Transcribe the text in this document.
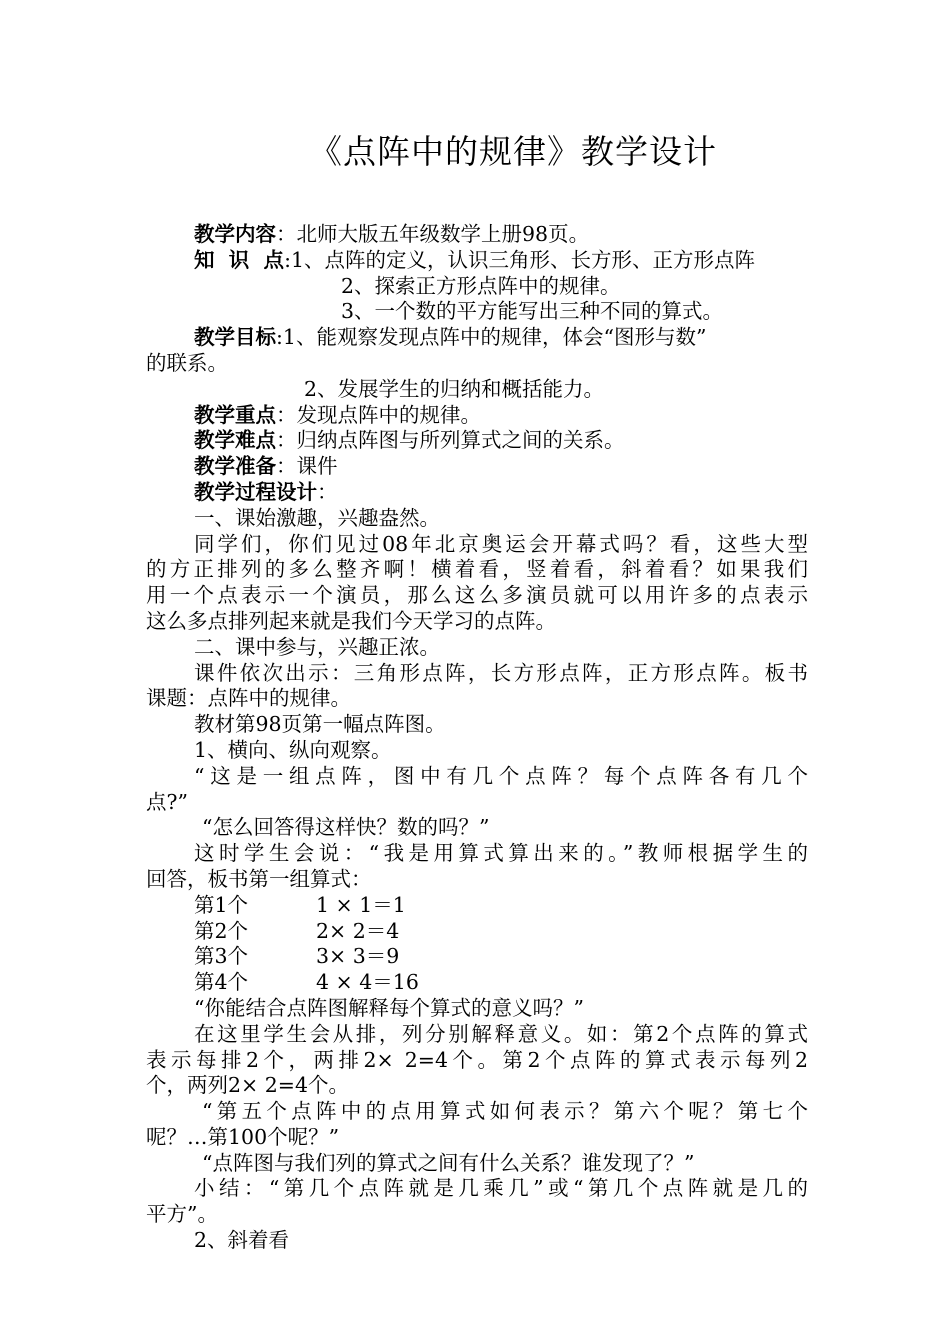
《点阵中的规律》教学设计
教学内容：北师大版五年级数学上册98页。
知  识  点:1、点阵的定义，认识三角形、长方形、正方形点阵
2、探索正方形点阵中的规律。
3、一个数的平方能写出三种不同的算式。
教学目标:1、能观察发现点阵中的规律，体会“图形与数”
的联系。
2、发展学生的归纳和概括能力。
教学重点：发现点阵中的规律。
教学难点：归纳点阵图与所列算式之间的关系。
教学准备：课件
教学过程设计：
一、课始激趣，兴趣盎然。
同学们，你们见过08年北京奥运会开幕式吗？看，这些大型
的方正排列的多么整齐啊！横着看，竖着看，斜着看？如果我们
用一个点表示一个演员，那么这么多演员就可以用许多的点表示
这么多点排列起来就是我们今天学习的点阵。
二、课中参与，兴趣正浓。
课件依次出示：三角形点阵，长方形点阵，正方形点阵。板书
课题：点阵中的规律。
教材第98页第一幅点阵图。
1、横向、纵向观察。
“这是一组点阵，图中有几个点阵？每个点阵各有几个
点?”
“怎么回答得这样快？数的吗？”
这时学生会说：“我是用算式算出来的。”教师根据学生的
回答，板书第一组算式：
第1个	1 × 1＝1
第2个	2× 2＝4
第3个	3× 3＝9
第4个	4 × 4＝16
“你能结合点阵图解释每个算式的意义吗？”
在这里学生会从排，列分别解释意义。如：第2个点阵的算式
表示每排2个，两排2× 2=4个。第2个点阵的算式表示每列2
个，两列2× 2=4个。
“第五个点阵中的点用算式如何表示？第六个呢？第七个
呢？…第100个呢？”
“点阵图与我们列的算式之间有什么关系？谁发现了？”
小结：“第几个点阵就是几乘几”或“第几个点阵就是几的
平方”。
2、斜着看
